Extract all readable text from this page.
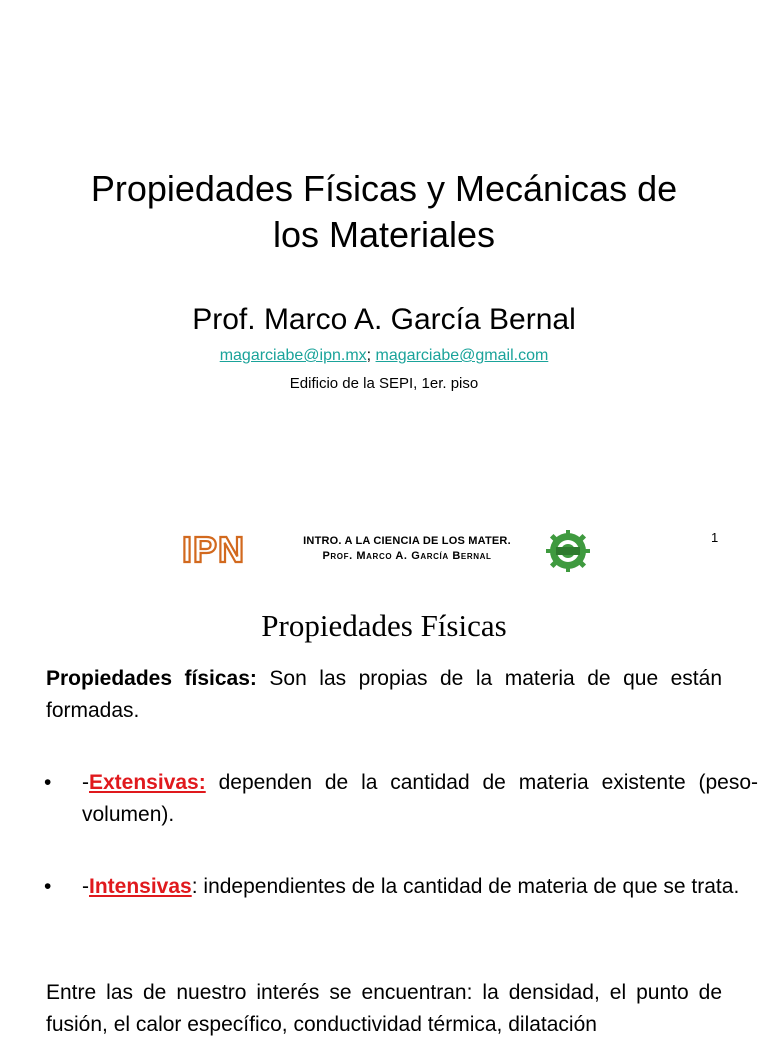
Propiedades Físicas y Mecánicas de
los Materiales
Prof. Marco A. García Bernal
magarciabe@ipn.mx; magarciabe@gmail.com
Edificio de la SEPI, 1er. piso
IPN	INTRO. A LA CIENCIA DE LOS MATER.
Prof. Marco A. García Bernal
1
Propiedades Físicas

Propiedades físicas: Son las propias de la materia de que están formadas.

• -Extensivas: dependen de la cantidad de materia existente (peso-volumen).

• -Intensivas: independientes de la cantidad de materia de que se trata.

Entre las de nuestro interés se encuentran: la densidad, el punto de fusión, el calor específico, conductividad térmica, dilatación
